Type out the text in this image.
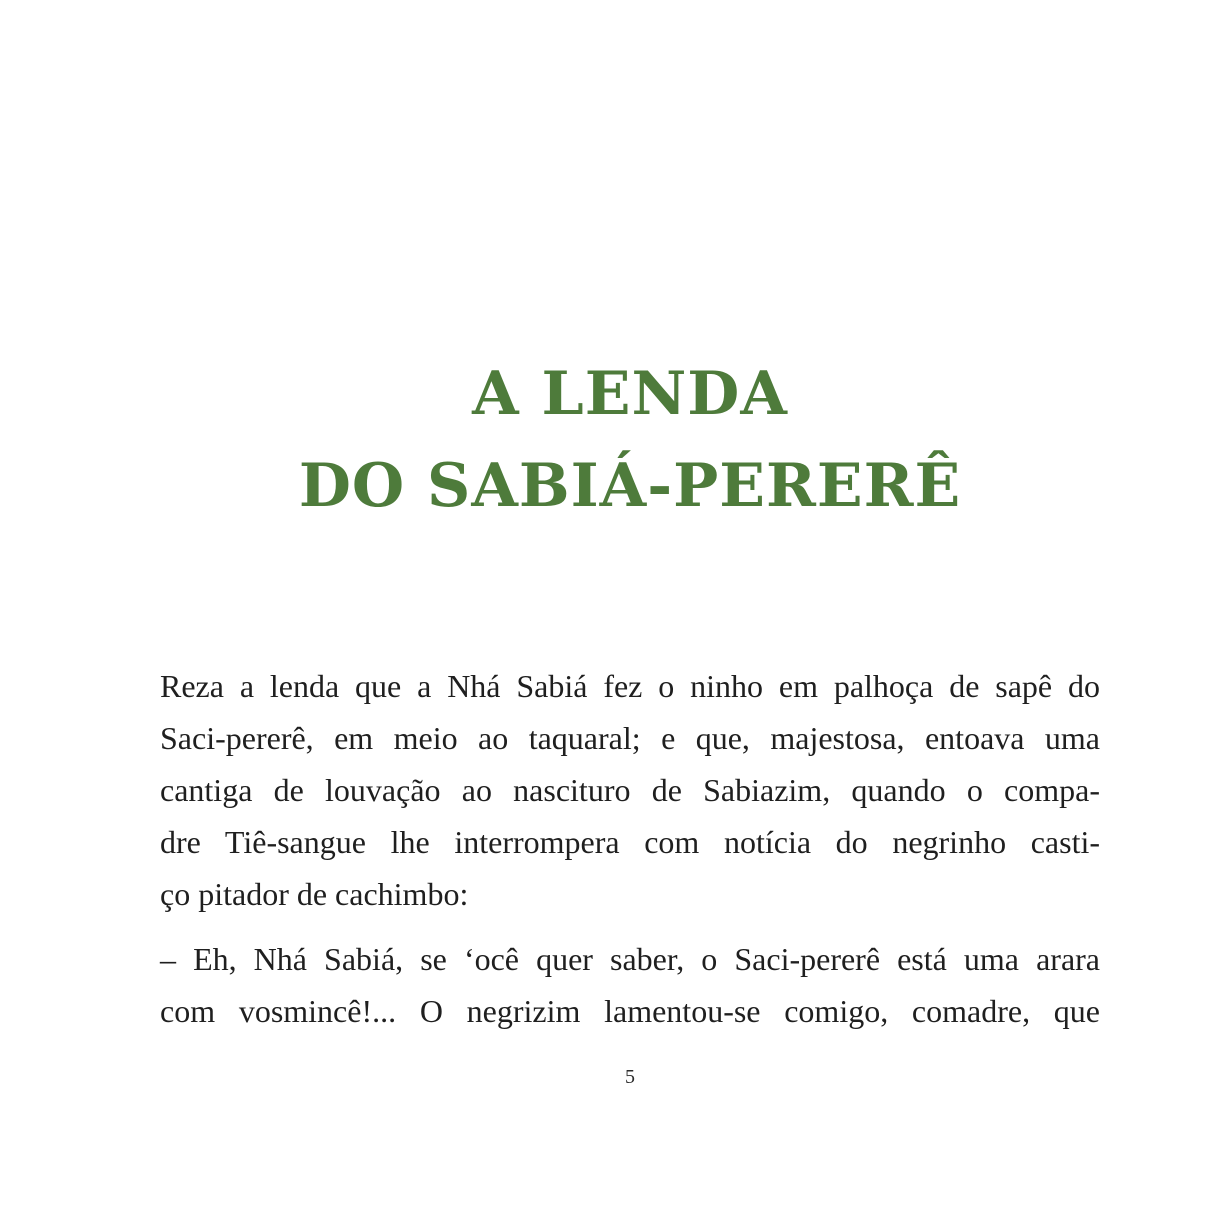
A LENDA
DO SABIÁ-PERERÊ
Reza a lenda que a Nhá Sabiá fez o ninho em palhoça de sapê do
Saci-pererê, em meio ao taquaral; e que, majestosa, entoava uma
cantiga de louvação ao nascituro de Sabiazim, quando o compa-
dre Tiê-sangue lhe interrompera com notícia do negrinho casti-
ço pitador de cachimbo:
– Eh, Nhá Sabiá, se ‘ocê quer saber, o Saci-pererê está uma arara
com vosmincê!... O negrizim lamentou-se comigo, comadre, que
5
